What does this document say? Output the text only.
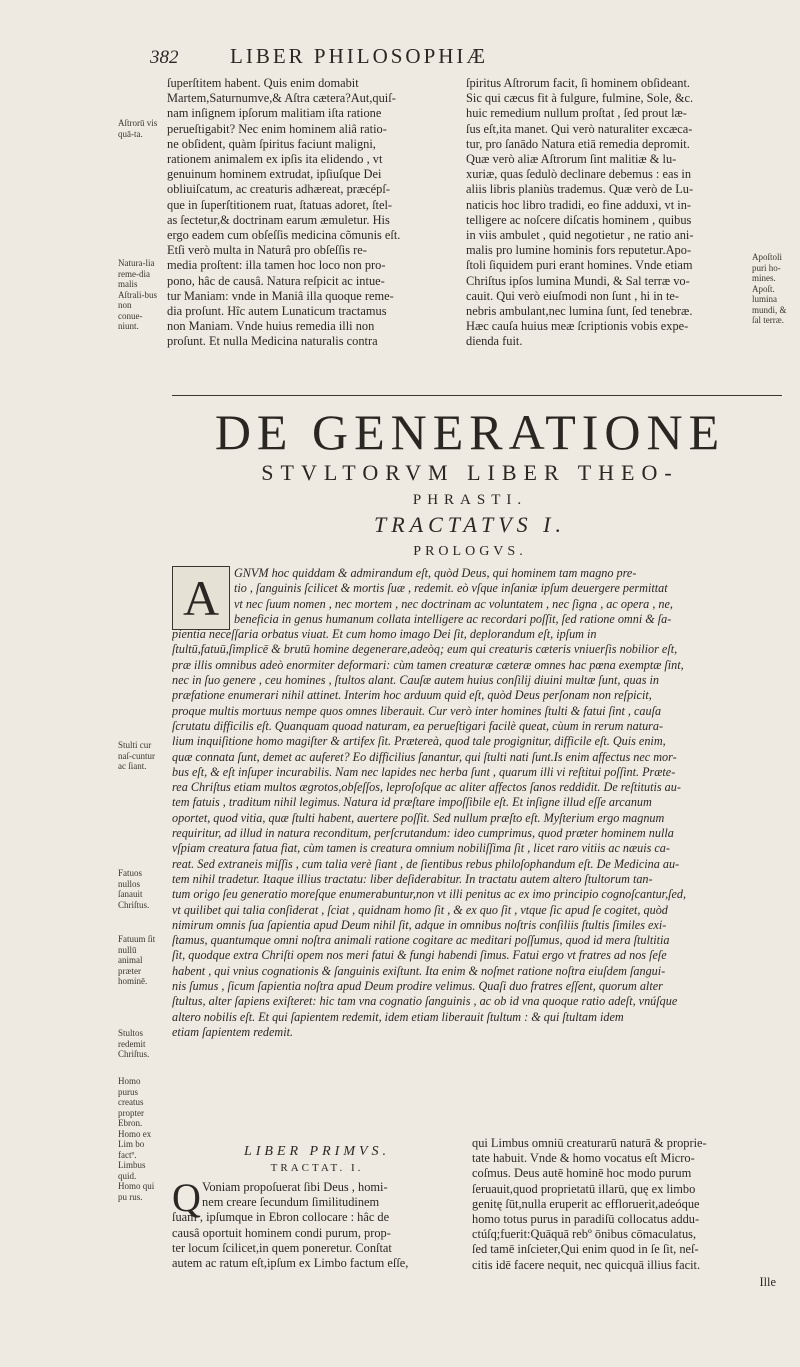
382	LIBER PHILOSOPHIÆ

ſuperſtitem habent. Quis enim domabit
Martem,Saturnumve,& Aſtra cætera?Aut,quiſ-
nam inſignem ipſorum malitiam iſta ratione
perueſtigabit? Nec enim hominem aliâ ratio-
ne obſident, quàm ſpiritus faciunt maligni,
rationem animalem ex ipſis ita elidendo , vt
genuinum hominem extrudat, ipſiuſque Dei
obliuiſcatum, ac creaturis adhæreat, præcépſ-
que in ſuperſtitionem ruat, ſtatuas adoret, ſtel-
as ſectetur,& doctrinam earum æmuletur. His
ergo eadem cum obſeſſis medicina cõmunis eſt.
Etſi verò multa in Naturâ pro obſeſſis re-
media proſtent: illa tamen hoc loco non pro-
pono, hâc de causâ. Natura reſpicit ac intue-
tur Maniam: vnde in Maniâ illa quoque reme-
dia proſunt. Hîc autem Lunaticum tractamus
non Maniam. Vnde huius remedia illi non
proſunt. Et nulla Medicina naturalis contra

ſpiritus Aſtrorum facit, ſi hominem obſideant.
Sic qui cæcus fit à fulgure, fulmine, Sole, &c.
huic remedium nullum proſtat , ſed prout læ-
ſus eſt,ita manet. Qui verò naturaliter excæca-
tur, pro ſanādo Natura etiā remedia depromit.
Quæ verò aliæ Aſtrorum ſint malitiæ & lu-
xuriæ, quas ſedulò declinare debemus : eas in
aliis libris planiùs trademus. Quæ verò de Lu-
naticis hoc libro tradidi, eo fine adduxi, vt in-
telligere ac noſcere diſcatis hominem , quibus
in viis ambulet , quid negotietur , ne ratio ani-
malis pro lumine hominis fors reputetur.Apo-
ſtoli ſiquidem puri erant homines. Vnde etiam
Chriſtus ipſos lumina Mundi, & Sal terræ vo-
cauit. Qui verò eiuſmodi non ſunt , hi in te-
nebris ambulant,nec lumina ſunt, ſed tenebræ.
Hæc cauſa huius meæ ſcriptionis vobis expe-
dienda fuit.

Aſtrorū vis quā-ta.
Natura-lia reme-dia malis Aſtrali-bus non conue-niunt.
Apoſtoli puri ho-mines. Apoſt. lumina mundi, & ſal terræ.
Stulti cur naſ-cuntur ac ſiant.
Fatuos nullos ſanauit Chriſtus.
Fatuum ſit nullū animal præter hominē.
Stultos redemit Chriſtus.
Homo purus creatus propter Ebron. Homo ex Lim bo factº. Limbus quid. Homo qui pu rus.
DE GENERATIONE
STVLTORVM LIBER THEO-
PHRASTI.
TRACTATVS I.
PROLOGVS.
A	GNVM hoc quiddam & admirandum eſt, quòd Deus, qui hominem tam magno pre-
tio , ſanguinis ſcilicet & mortis ſuæ , redemit. eò vſque inſaniæ ipſum deuergere permittat
vt nec ſuum nomen , nec mortem , nec doctrinam ac voluntatem , nec ſigna , ac opera , ne,
beneficia in genus humanum collata intelligere ac recordari poſſit, ſed ratione omni & ſa-
pientia neceſſaria orbatus viuat. Et cum homo imago Dei ſit, deplorandum eſt, ipſum in
ſtultū,fatuū,ſimplicē & brutū homine degenerare,adeòq; eum qui creaturis cæteris vniuerſis nobilior eſt,
præ illis omnibus adeò enormiter deformari: cùm tamen creaturæ cæteræ omnes hac pœna exemptæ ſint,
nec in ſuo genere , ceu homines , ſtultos alant. Cauſæ autem huius conſilij diuini multæ ſunt, quas in
præfatione enumerari nihil attinet. Interim hoc arduum quid eſt, quòd Deus perſonam non reſpicit,
proque multis mortuus nempe quos omnes liberauit. Cur verò inter homines ſtulti & fatui ſint , cauſa
ſcrutatu difficilis eſt. Quanquam quoad naturam, ea perueſtigari facilè queat, cùum in rerum natura-
lium inquiſitione homo magiſter & artifex ſit. Prætereà, quod tale progignitur, difficile eſt. Quis enim,
quæ connata ſunt, demet ac auferet? Eo difficilius ſanantur, qui ſtulti nati ſunt.Is enim affectus nec mor-
bus eſt, & eſt inſuper incurabilis. Nam nec lapides nec herba ſunt , quarum illi vi reſtitui poſſint. Præte-
rea Chriſtus etiam multos ægrotos,obſeſſos, leproſoſque ac aliter affectos ſanos reddidit. De reſtitutis au-
tem fatuis , traditum nihil legimus. Natura id præſtare impoſſibile eſt. Et inſigne illud eſſe arcanum
oportet, quod vitia, quæ ſtulti habent, auertere poſſit. Sed nullum præſto eſt. Myſterium ergo magnum
requiritur, ad illud in natura reconditum, perſcrutandum: ideo cumprimus, quod præter hominem nulla
vſpiam creatura fatua fiat, cùm tamen is creatura omnium nobiliſſima ſit , licet raro vitiis ac næuis ca-
reat. Sed extraneis miſſis , cum talia verè ſiant , de ſientibus rebus philoſophandum eſt. De Medicina au-
tem nihil tradetur. Itaque illius tractatu: liber deſiderabitur. In tractatu autem altero ſtultorum tan-
tum origo ſeu generatio moreſque enumerabuntur,non vt illi penitus ac ex imo principio cognoſcantur,ſed,
vt quilibet qui talia conſiderat , ſciat , quidnam homo ſit , & ex quo ſit , vtque ſic apud ſe cogitet, quòd
nimirum omnis ſua ſapientia apud Deum nihil ſit, adque in omnibus noſtris conſiliis ſtultis ſimiles exi-
ſtamus, quantumque omni noſtra animali ratione cogitare ac meditari poſſumus, quod id mera ſtultitia
ſit, quodque extra Chriſti opem nos meri fatui & fungi habendi ſimus. Fatui ergo vt fratres ad nos ſeſe
habent , qui vnius cognationis & ſanguinis exiſtunt. Ita enim & noſmet ratione noſtra eiuſdem ſangui-
nis ſumus , ſicum ſapientia noſtra apud Deum prodire velimus. Quaſi duo fratres eſſent, quorum alter
ſtultus, alter ſapiens exiſteret: hic tam vna cognatio ſanguinis , ac ob id vna quoque ratio adeſt, vnúſque
altero nobilis eſt. Et qui ſapientem redemit, idem etiam liberauit ſtultum : & qui ſtultam idem
etiam ſapientem redemit.
LIBER PRIMVS.
TRACTAT. I.
Q Voniam propoſuerat ſibi Deus , homi-
nem creare ſecundum ſimilitudinem
ſuam , ipſumque in Ebron collocare : hâc de
causâ oportuit hominem condi purum, prop-
ter locum ſcilicet,in quem poneretur. Conſtat
autem ac ratum eſt,ipſum ex Limbo factum eſſe,
qui Limbus omniū creaturarū naturā & proprie-
tate habuit. Vnde & homo vocatus eſt Micro-
coſmus. Deus autē hominē hoc modo purum
ſeruauit,quod proprietatū illarū, quę ex limbo
genitę ſūt,nulla eruperit ac effloruerit,adeóque
homo totus purus in paradiſū collocatus addu-
ctúſq;fuerit:Quāquā rebº ōnibus cōmaculatus,
ſed tamē inſcieter,Qui enim quod in ſe ſit, neſ-
citis idē facere nequit, nec quicquā illius facit.
Ille
